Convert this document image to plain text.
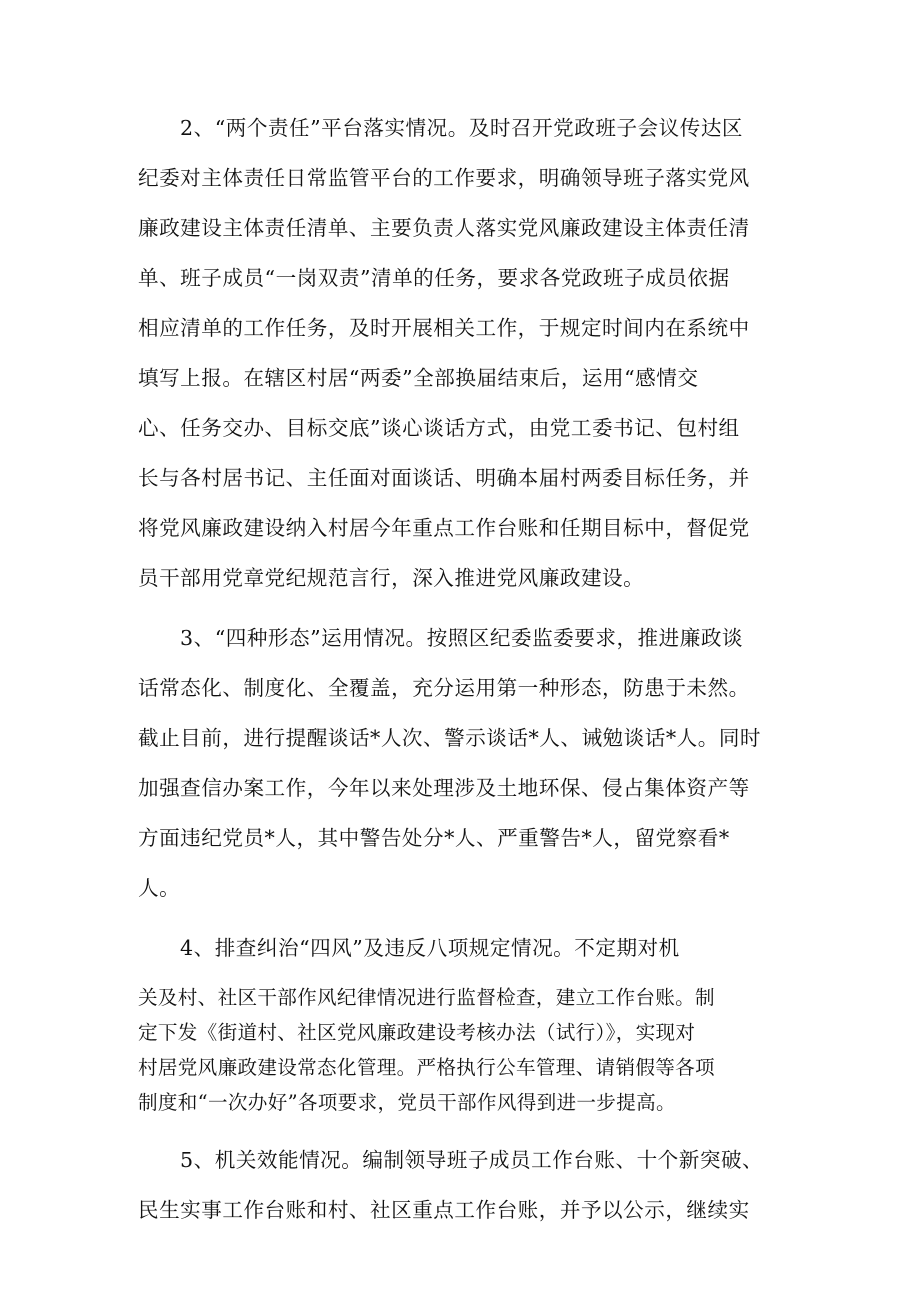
2、“两个责任”平台落实情况。及时召开党政班子会议传达区
纪委对主体责任日常监管平台的工作要求，明确领导班子落实党风
廉政建设主体责任清单、主要负责人落实党风廉政建设主体责任清
单、班子成员“一岗双责”清单的任务，要求各党政班子成员依据
相应清单的工作任务，及时开展相关工作，于规定时间内在系统中
填写上报。在辖区村居“两委”全部换届结束后，运用“感情交
心、任务交办、目标交底”谈心谈话方式，由党工委书记、包村组
长与各村居书记、主任面对面谈话、明确本届村两委目标任务，并
将党风廉政建设纳入村居今年重点工作台账和任期目标中，督促党
员干部用党章党纪规范言行，深入推进党风廉政建设。
3、“四种形态”运用情况。按照区纪委监委要求，推进廉政谈
话常态化、制度化、全覆盖，充分运用第一种形态，防患于未然。
截止目前，进行提醒谈话*人次、警示谈话*人、诫勉谈话*人。同时
加强查信办案工作，今年以来处理涉及土地环保、侵占集体资产等
方面违纪党员*人，其中警告处分*人、严重警告*人，留党察看*
人。
4、排查纠治“四风”及违反八项规定情况。不定期对机
关及村、社区干部作风纪律情况进行监督检查，建立工作台账。制
定下发《街道村、社区党风廉政建设考核办法（试行）》，实现对
村居党风廉政建设常态化管理。严格执行公车管理、请销假等各项
制度和“一次办好”各项要求，党员干部作风得到进一步提高。
5、机关效能情况。编制领导班子成员工作台账、十个新突破、
民生实事工作台账和村、社区重点工作台账，并予以公示，继续实
